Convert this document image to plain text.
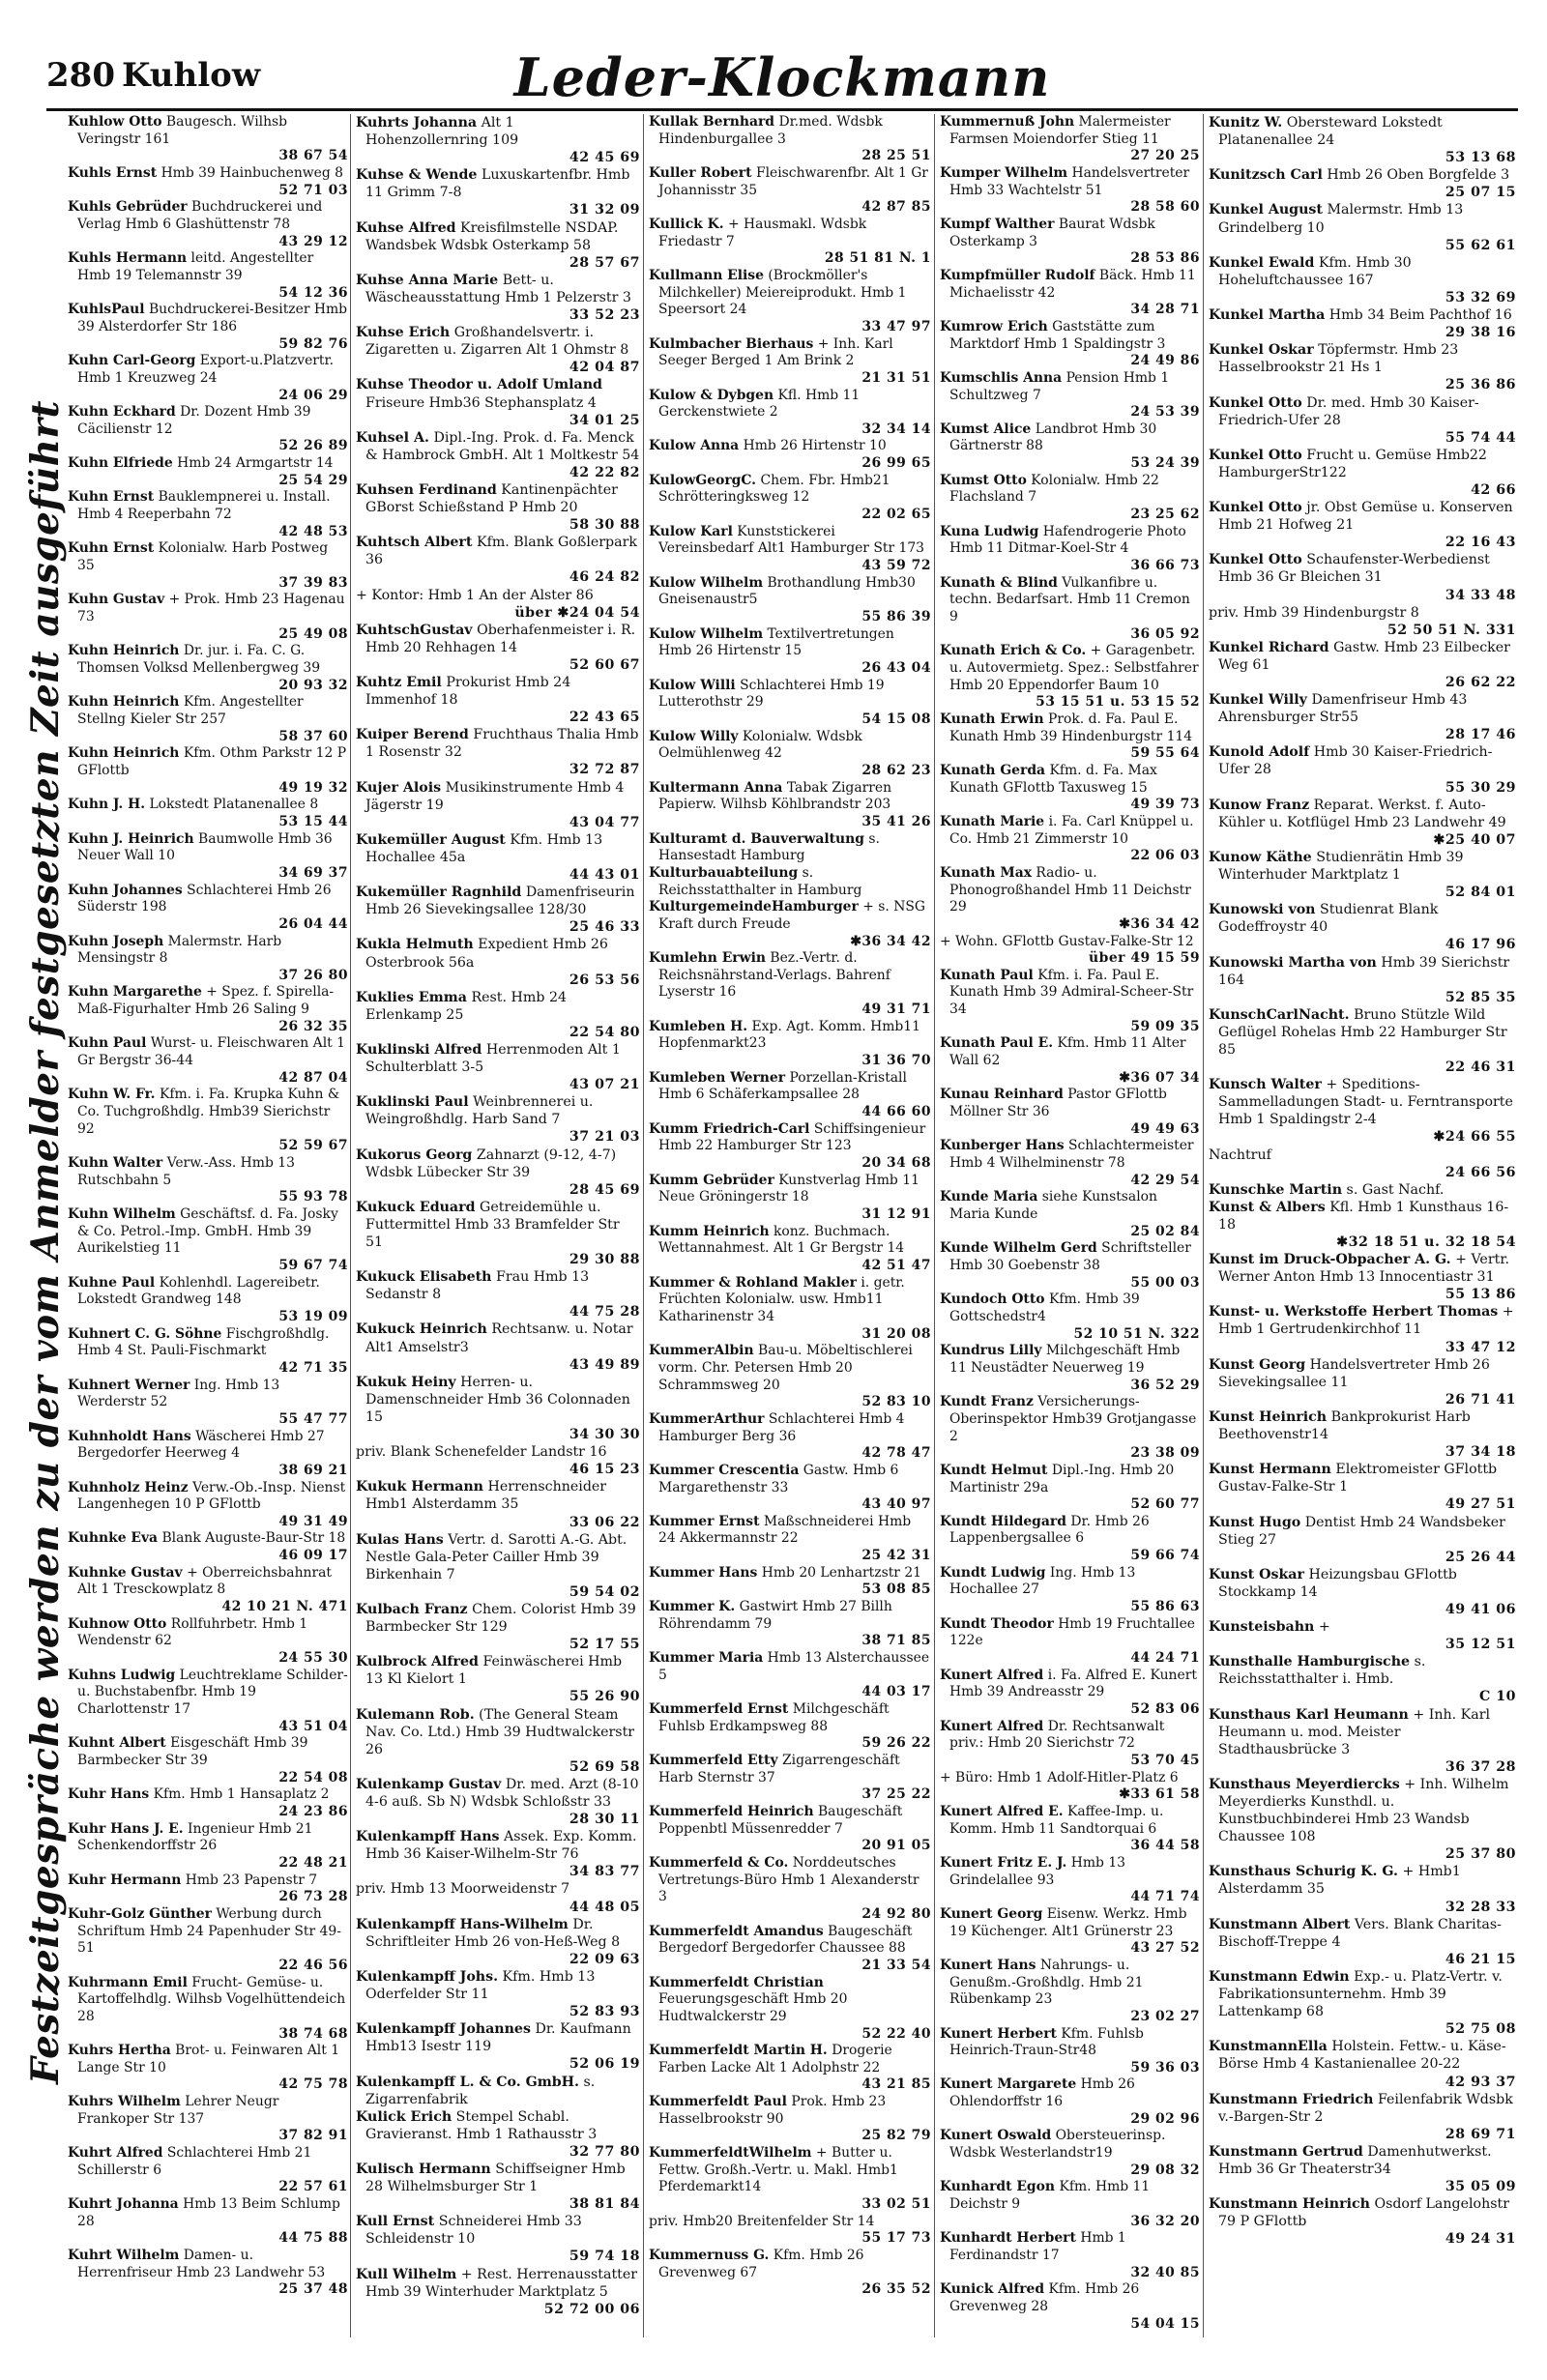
280 Kuhlow	Leder-Klockmann
Festzeitgespräche werden zu der vom Anmelder festgesetzten Zeit ausgeführt
Kuhlow Otto Baugesch. Wilhsb Veringstr 161
38 67 54
Kuhls Ernst Hmb 39 Hainbuchenweg 8
52 71 03
Kuhls Gebrüder Buchdruckerei und Verlag Hmb 6 Glashüttenstr 78
43 29 12
Kuhls Hermann leitd. Angestellter Hmb 19 Telemannstr 39
54 12 36
KuhlsPaul Buchdruckerei-Besitzer Hmb 39 Alsterdorfer Str 186
59 82 76
Kuhn Carl-Georg Export-u.Platzvertr. Hmb 1 Kreuzweg 24
24 06 29
Kuhn Eckhard Dr. Dozent Hmb 39 Cäcilienstr 12
52 26 89
Kuhn Elfriede Hmb 24 Armgartstr 14
25 54 29
Kuhn Ernst Bauklempnerei u. Install. Hmb 4 Reeperbahn 72
42 48 53
Kuhn Ernst Kolonialw. Harb Postweg 35
37 39 83
Kuhn Gustav + Prok. Hmb 23 Hagenau 73
25 49 08
Kuhn Heinrich Dr. jur. i. Fa. C. G. Thomsen Volksd Mellenbergweg 39
20 93 32
Kuhn Heinrich Kfm. Angestellter Stellng Kieler Str 257
58 37 60
Kuhn Heinrich Kfm. Othm Parkstr 12 P GFlottb
49 19 32
Kuhn J. H. Lokstedt Platanenallee 8
53 15 44
Kuhn J. Heinrich Baumwolle Hmb 36 Neuer Wall 10
34 69 37
Kuhn Johannes Schlachterei Hmb 26 Süderstr 198
26 04 44
Kuhn Joseph Malermstr. Harb Mensingstr 8
37 26 80
Kuhn Margarethe + Spez. f. Spirella-Maß-Figurhalter Hmb 26 Saling 9
26 32 35
Kuhn Paul Wurst- u. Fleischwaren Alt 1 Gr Bergstr 36-44
42 87 04
Kuhn W. Fr. Kfm. i. Fa. Krupka Kuhn & Co. Tuchgroßhdlg. Hmb39 Sierichstr 92
52 59 67
Kuhn Walter Verw.-Ass. Hmb 13 Rutschbahn 5
55 93 78
Kuhn Wilhelm Geschäftsf. d. Fa. Josky & Co. Petrol.-Imp. GmbH. Hmb 39 Aurikelstieg 11
59 67 74
Kuhne Paul Kohlenhdl. Lagereibetr. Lokstedt Grandweg 148
53 19 09
Kuhnert C. G. Söhne Fischgroßhdlg. Hmb 4 St. Pauli-Fischmarkt
42 71 35
Kuhnert Werner Ing. Hmb 13 Werderstr 52
55 47 77
Kuhnholdt Hans Wäscherei Hmb 27 Bergedorfer Heerweg 4
38 69 21
Kuhnholz Heinz Verw.-Ob.-Insp. Nienst Langenhegen 10 P GFlottb
49 31 49
Kuhnke Eva Blank Auguste-Baur-Str 18
46 09 17
Kuhnke Gustav + Oberreichsbahnrat Alt 1 Tresckowplatz 8
42 10 21 N. 471
Kuhnow Otto Rollfuhrbetr. Hmb 1 Wendenstr 62
24 55 30
Kuhns Ludwig Leuchtreklame Schilder- u. Buchstabenfbr. Hmb 19 Charlottenstr 17
43 51 04
Kuhnt Albert Eisgeschäft Hmb 39 Barmbecker Str 39
22 54 08
Kuhr Hans Kfm. Hmb 1 Hansaplatz 2
24 23 86
Kuhr Hans J. E. Ingenieur Hmb 21 Schenkendorffstr 26
22 48 21
Kuhr Hermann Hmb 23 Papenstr 7
26 73 28
Kuhr-Golz Günther Werbung durch Schriftum Hmb 24 Papenhuder Str 49-51
22 46 56
Kuhrmann Emil Frucht- Gemüse- u. Kartoffelhdlg. Wilhsb Vogelhüttendeich 28
38 74 68
Kuhrs Hertha Brot- u. Feinwaren Alt 1 Lange Str 10
42 75 78
Kuhrs Wilhelm Lehrer Neugr Frankoper Str 137
37 82 91
Kuhrt Alfred Schlachterei Hmb 21 Schillerstr 6
22 57 61
Kuhrt Johanna Hmb 13 Beim Schlump 28
44 75 88
Kuhrt Wilhelm Damen- u. Herrenfriseur Hmb 23 Landwehr 53
25 37 48
Kuhrts Johanna Alt 1 Hohenzollernring 109
42 45 69
Kuhse & Wende Luxuskartenfbr. Hmb 11 Grimm 7-8
31 32 09
Kuhse Alfred Kreisfilmstelle NSDAP. Wandsbek Wdsbk Osterkamp 58
28 57 67
Kuhse Anna Marie Bett- u. Wäscheausstattung Hmb 1 Pelzerstr 3
33 52 23
Kuhse Erich Großhandelsvertr. i. Zigaretten u. Zigarren Alt 1 Ohmstr 8
42 04 87
Kuhse Theodor u. Adolf Umland Friseure Hmb36 Stephansplatz 4
34 01 25
Kuhsel A. Dipl.-Ing. Prok. d. Fa. Menck & Hambrock GmbH. Alt 1 Moltkestr 54
42 22 82
Kuhsen Ferdinand Kantinenpächter GBorst Schießstand P Hmb 20
58 30 88
Kuhtsch Albert Kfm. Blank Goßlerpark 36
46 24 82
+ Kontor: Hmb 1 An der Alster 86
über ✱24 04 54
KuhtschGustav Oberhafenmeister i. R. Hmb 20 Rehhagen 14
52 60 67
Kuhtz Emil Prokurist Hmb 24 Immenhof 18
22 43 65
Kuiper Berend Fruchthaus Thalia Hmb 1 Rosenstr 32
32 72 87
Kujer Alois Musikinstrumente Hmb 4 Jägerstr 19
43 04 77
Kukemüller August Kfm. Hmb 13 Hochallee 45a
44 43 01
Kukemüller Ragnhild Damenfriseurin Hmb 26 Sievekingsallee 128/30
25 46 33
Kukla Helmuth Expedient Hmb 26 Osterbrook 56a
26 53 56
Kuklies Emma Rest. Hmb 24 Erlenkamp 25
22 54 80
Kuklinski Alfred Herrenmoden Alt 1 Schulterblatt 3-5
43 07 21
Kuklinski Paul Weinbrennerei u. Weingroßhdlg. Harb Sand 7
37 21 03
Kukorus Georg Zahnarzt (9-12, 4-7) Wdsbk Lübecker Str 39
28 45 69
Kukuck Eduard Getreidemühle u. Futtermittel Hmb 33 Bramfelder Str 51
29 30 88
Kukuck Elisabeth Frau Hmb 13 Sedanstr 8
44 75 28
Kukuck Heinrich Rechtsanw. u. Notar Alt1 Amselstr3
43 49 89
Kukuk Heiny Herren- u. Damenschneider Hmb 36 Colonnaden 15
34 30 30
priv. Blank Schenefelder Landstr 16
46 15 23
Kukuk Hermann Herrenschneider Hmb1 Alsterdamm 35
33 06 22
Kulas Hans Vertr. d. Sarotti A.-G. Abt. Nestle Gala-Peter Cailler Hmb 39 Birkenhain 7
59 54 02
Kulbach Franz Chem. Colorist Hmb 39 Barmbecker Str 129
52 17 55
Kulbrock Alfred Feinwäscherei Hmb 13 Kl Kielort 1
55 26 90
Kulemann Rob. (The General Steam Nav. Co. Ltd.) Hmb 39 Hudtwalckerstr 26
52 69 58
Kulenkamp Gustav Dr. med. Arzt (8-10 4-6 auß. Sb N) Wdsbk Schloßstr 33
28 30 11
Kulenkampff Hans Assek. Exp. Komm. Hmb 36 Kaiser-Wilhelm-Str 76
34 83 77
priv. Hmb 13 Moorweidenstr 7
44 48 05
Kulenkampff Hans-Wilhelm Dr. Schriftleiter Hmb 26 von-Heß-Weg 8
22 09 63
Kulenkampff Johs. Kfm. Hmb 13 Oderfelder Str 11
52 83 93
Kulenkampff Johannes Dr. Kaufmann Hmb13 Isestr 119
52 06 19
Kulenkampff L. & Co. GmbH. s. Zigarrenfabrik
Kulick Erich Stempel Schabl. Gravieranst. Hmb 1 Rathausstr 3
32 77 80
Kulisch Hermann Schiffseigner Hmb 28 Wilhelmsburger Str 1
38 81 84
Kull Ernst Schneiderei Hmb 33 Schleidenstr 10
59 74 18
Kull Wilhelm + Rest. Herrenausstatter Hmb 39 Winterhuder Marktplatz 5
52 72 00 06
Kullak Bernhard Dr.med. Wdsbk Hindenburgallee 3
28 25 51
Kuller Robert Fleischwarenfbr. Alt 1 Gr Johannisstr 35
42 87 85
Kullick K. + Hausmakl. Wdsbk Friedastr 7
28 51 81 N. 1
Kullmann Elise (Brockmöller's Milchkeller) Meiereiprodukt. Hmb 1 Speersort 24
33 47 97
Kulmbacher Bierhaus + Inh. Karl Seeger Berged 1 Am Brink 2
21 31 51
Kulow & Dybgen Kfl. Hmb 11 Gerckenstwiete 2
32 34 14
Kulow Anna Hmb 26 Hirtenstr 10
26 99 65
KulowGeorgC. Chem. Fbr. Hmb21 Schrötteringksweg 12
22 02 65
Kulow Karl Kunststickerei Vereinsbedarf Alt1 Hamburger Str 173
43 59 72
Kulow Wilhelm Brothandlung Hmb30 Gneisenaustr5
55 86 39
Kulow Wilhelm Textilvertretungen Hmb 26 Hirtenstr 15
26 43 04
Kulow Willi Schlachterei Hmb 19 Lutterothstr 29
54 15 08
Kulow Willy Kolonialw. Wdsbk Oelmühlenweg 42
28 62 23
Kultermann Anna Tabak Zigarren Papierw. Wilhsb Köhlbrandstr 203
35 41 26
Kulturamt d. Bauverwaltung s. Hansestadt Hamburg
Kulturbauabteilung s. Reichsstatthalter in Hamburg
KulturgemeindeHamburger + s. NSG Kraft durch Freude
✱36 34 42
Kumlehn Erwin Bez.-Vertr. d. Reichsnährstand-Verlags. Bahrenf Lyserstr 16
49 31 71
Kumleben H. Exp. Agt. Komm. Hmb11 Hopfenmarkt23
31 36 70
Kumleben Werner Porzellan-Kristall Hmb 6 Schäferkampsallee 28
44 66 60
Kumm Friedrich-Carl Schiffsingenieur Hmb 22 Hamburger Str 123
20 34 68
Kumm Gebrüder Kunstverlag Hmb 11 Neue Gröningerstr 18
31 12 91
Kumm Heinrich konz. Buchmach. Wettannahmest. Alt 1 Gr Bergstr 14
42 51 47
Kummer & Rohland Makler i. getr. Früchten Kolonialw. usw. Hmb11 Katharinenstr 34
31 20 08
KummerAlbin Bau-u. Möbeltischlerei vorm. Chr. Petersen Hmb 20 Schrammsweg 20
52 83 10
KummerArthur Schlachterei Hmb 4 Hamburger Berg 36
42 78 47
Kummer Crescentia Gastw. Hmb 6 Margarethenstr 33
43 40 97
Kummer Ernst Maßschneiderei Hmb 24 Akkermannstr 22
25 42 31
Kummer Hans Hmb 20 Lenhartzstr 21
53 08 85
Kummer K. Gastwirt Hmb 27 Billh Röhrendamm 79
38 71 85
Kummer Maria Hmb 13 Alsterchaussee 5
44 03 17
Kummerfeld Ernst Milchgeschäft Fuhlsb Erdkampsweg 88
59 26 22
Kummerfeld Etty Zigarrengeschäft Harb Sternstr 37
37 25 22
Kummerfeld Heinrich Baugeschäft Poppenbtl Müssenredder 7
20 91 05
Kummerfeld & Co. Norddeutsches Vertretungs-Büro Hmb 1 Alexanderstr 3
24 92 80
Kummerfeldt Amandus Baugeschäft Bergedorf Bergedorfer Chaussee 88
21 33 54
Kummerfeldt Christian Feuerungsgeschäft Hmb 20 Hudtwalckerstr 29
52 22 40
Kummerfeldt Martin H. Drogerie Farben Lacke Alt 1 Adolphstr 22
43 21 85
Kummerfeldt Paul Prok. Hmb 23 Hasselbrookstr 90
25 82 79
KummerfeldtWilhelm + Butter u. Fettw. Großh.-Vertr. u. Makl. Hmb1 Pferdemarkt14
33 02 51
priv. Hmb20 Breitenfelder Str 14
55 17 73
Kummernuss G. Kfm. Hmb 26 Grevenweg 67
26 35 52
Kummernuß John Malermeister Farmsen Moiendorfer Stieg 11
27 20 25
Kumper Wilhelm Handelsvertreter Hmb 33 Wachtelstr 51
28 58 60
Kumpf Walther Baurat Wdsbk Osterkamp 3
28 53 86
Kumpfmüller Rudolf Bäck. Hmb 11 Michaelisstr 42
34 28 71
Kumrow Erich Gaststätte zum Marktdorf Hmb 1 Spaldingstr 3
24 49 86
Kumschlis Anna Pension Hmb 1 Schultzweg 7
24 53 39
Kumst Alice Landbrot Hmb 30 Gärtnerstr 88
53 24 39
Kumst Otto Kolonialw. Hmb 22 Flachsland 7
23 25 62
Kuna Ludwig Hafendrogerie Photo Hmb 11 Ditmar-Koel-Str 4
36 66 73
Kunath & Blind Vulkanfibre u. techn. Bedarfsart. Hmb 11 Cremon 9
36 05 92
Kunath Erich & Co. + Garagenbetr. u. Autovermietg. Spez.: Selbstfahrer Hmb 20 Eppendorfer Baum 10
53 15 51 u. 53 15 52
Kunath Erwin Prok. d. Fa. Paul E. Kunath Hmb 39 Hindenburgstr 114
59 55 64
Kunath Gerda Kfm. d. Fa. Max Kunath GFlottb Taxusweg 15
49 39 73
Kunath Marie i. Fa. Carl Knüppel u. Co. Hmb 21 Zimmerstr 10
22 06 03
Kunath Max Radio- u. Phonogroßhandel Hmb 11 Deichstr 29
✱36 34 42
+ Wohn. GFlottb Gustav-Falke-Str 12
über 49 15 59
Kunath Paul Kfm. i. Fa. Paul E. Kunath Hmb 39 Admiral-Scheer-Str 34
59 09 35
Kunath Paul E. Kfm. Hmb 11 Alter Wall 62
✱36 07 34
Kunau Reinhard Pastor GFlottb Möllner Str 36
49 49 63
Kunberger Hans Schlachtermeister Hmb 4 Wilhelminenstr 78
42 29 54
Kunde Maria siehe Kunstsalon Maria Kunde
25 02 84
Kunde Wilhelm Gerd Schriftsteller Hmb 30 Goebenstr 38
55 00 03
Kundoch Otto Kfm. Hmb 39 Gottschedstr4
52 10 51 N. 322
Kundrus Lilly Milchgeschäft Hmb 11 Neustädter Neuerweg 19
36 52 29
Kundt Franz Versicherungs-Oberinspektor Hmb39 Grotjangasse 2
23 38 09
Kundt Helmut Dipl.-Ing. Hmb 20 Martinistr 29a
52 60 77
Kundt Hildegard Dr. Hmb 26 Lappenbergsallee 6
59 66 74
Kundt Ludwig Ing. Hmb 13 Hochallee 27
55 86 63
Kundt Theodor Hmb 19 Fruchtallee 122e
44 24 71
Kunert Alfred i. Fa. Alfred E. Kunert Hmb 39 Andreasstr 29
52 83 06
Kunert Alfred Dr. Rechtsanwalt priv.: Hmb 20 Sierichstr 72
53 70 45
+ Büro: Hmb 1 Adolf-Hitler-Platz 6
✱33 61 58
Kunert Alfred E. Kaffee-Imp. u. Komm. Hmb 11 Sandtorquai 6
36 44 58
Kunert Fritz E. J. Hmb 13 Grindelallee 93
44 71 74
Kunert Georg Eisenw. Werkz. Hmb 19 Küchenger. Alt1 Grünerstr 23
43 27 52
Kunert Hans Nahrungs- u. Genußm.-Großhdlg. Hmb 21 Rübenkamp 23
23 02 27
Kunert Herbert Kfm. Fuhlsb Heinrich-Traun-Str48
59 36 03
Kunert Margarete Hmb 26 Ohlendorffstr 16
29 02 96
Kunert Oswald Obersteuerinsp. Wdsbk Westerlandstr19
29 08 32
Kunhardt Egon Kfm. Hmb 11 Deichstr 9
36 32 20
Kunhardt Herbert Hmb 1 Ferdinandstr 17
32 40 85
Kunick Alfred Kfm. Hmb 26 Grevenweg 28
54 04 15
Kunitz W. Obersteward Lokstedt Platanenallee 24
53 13 68
Kunitzsch Carl Hmb 26 Oben Borgfelde 3
25 07 15
Kunkel August Malermstr. Hmb 13 Grindelberg 10
55 62 61
Kunkel Ewald Kfm. Hmb 30 Hoheluftchaussee 167
53 32 69
Kunkel Martha Hmb 34 Beim Pachthof 16
29 38 16
Kunkel Oskar Töpfermstr. Hmb 23 Hasselbrookstr 21 Hs 1
25 36 86
Kunkel Otto Dr. med. Hmb 30 Kaiser-Friedrich-Ufer 28
55 74 44
Kunkel Otto Frucht u. Gemüse Hmb22 HamburgerStr122
42 66
Kunkel Otto jr. Obst Gemüse u. Konserven Hmb 21 Hofweg 21
22 16 43
Kunkel Otto Schaufenster-Werbedienst Hmb 36 Gr Bleichen 31
34 33 48
priv. Hmb 39 Hindenburgstr 8
52 50 51 N. 331
Kunkel Richard Gastw. Hmb 23 Eilbecker Weg 61
26 62 22
Kunkel Willy Damenfriseur Hmb 43 Ahrensburger Str55
28 17 46
Kunold Adolf Hmb 30 Kaiser-Friedrich-Ufer 28
55 30 29
Kunow Franz Reparat. Werkst. f. Auto-Kühler u. Kotflügel Hmb 23 Landwehr 49
✱25 40 07
Kunow Käthe Studienrätin Hmb 39 Winterhuder Marktplatz 1
52 84 01
Kunowski von Studienrat Blank Godeffroystr 40
46 17 96
Kunowski Martha von Hmb 39 Sierichstr 164
52 85 35
KunschCarlNacht. Bruno Stützle Wild Geflügel Rohelas Hmb 22 Hamburger Str 85
22 46 31
Kunsch Walter + Speditions-Sammelladungen Stadt- u. Ferntransporte Hmb 1 Spaldingstr 2-4
✱24 66 55
Nachtruf
24 66 56
Kunschke Martin s. Gast Nachf.
Kunst & Albers Kfl. Hmb 1 Kunsthaus 16-18
✱32 18 51 u. 32 18 54
Kunst im Druck-Obpacher A. G. + Vertr. Werner Anton Hmb 13 Innocentiastr 31
55 13 86
Kunst- u. Werkstoffe Herbert Thomas + Hmb 1 Gertrudenkirchhof 11
33 47 12
Kunst Georg Handelsvertreter Hmb 26 Sievekingsallee 11
26 71 41
Kunst Heinrich Bankprokurist Harb Beethovenstr14
37 34 18
Kunst Hermann Elektromeister GFlottb Gustav-Falke-Str 1
49 27 51
Kunst Hugo Dentist Hmb 24 Wandsbeker Stieg 27
25 26 44
Kunst Oskar Heizungsbau GFlottb Stockkamp 14
49 41 06
Kunsteisbahn +
35 12 51
Kunsthalle Hamburgische s. Reichsstatthalter i. Hmb.
C 10
Kunsthaus Karl Heumann + Inh. Karl Heumann u. mod. Meister Stadthausbrücke 3
36 37 28
Kunsthaus Meyerdiercks + Inh. Wilhelm Meyerdierks Kunsthdl. u. Kunstbuchbinderei Hmb 23 Wandsb Chaussee 108
25 37 80
Kunsthaus Schurig K. G. + Hmb1 Alsterdamm 35
32 28 33
Kunstmann Albert Vers. Blank Charitas-Bischoff-Treppe 4
46 21 15
Kunstmann Edwin Exp.- u. Platz-Vertr. v. Fabrikationsunternehm. Hmb 39 Lattenkamp 68
52 75 08
KunstmannElla Holstein. Fettw.- u. Käse-Börse Hmb 4 Kastanienallee 20-22
42 93 37
Kunstmann Friedrich Feilenfabrik Wdsbk v.-Bargen-Str 2
28 69 71
Kunstmann Gertrud Damenhutwerkst. Hmb 36 Gr Theaterstr34
35 05 09
Kunstmann Heinrich Osdorf Langelohstr 79 P GFlottb
49 24 31
